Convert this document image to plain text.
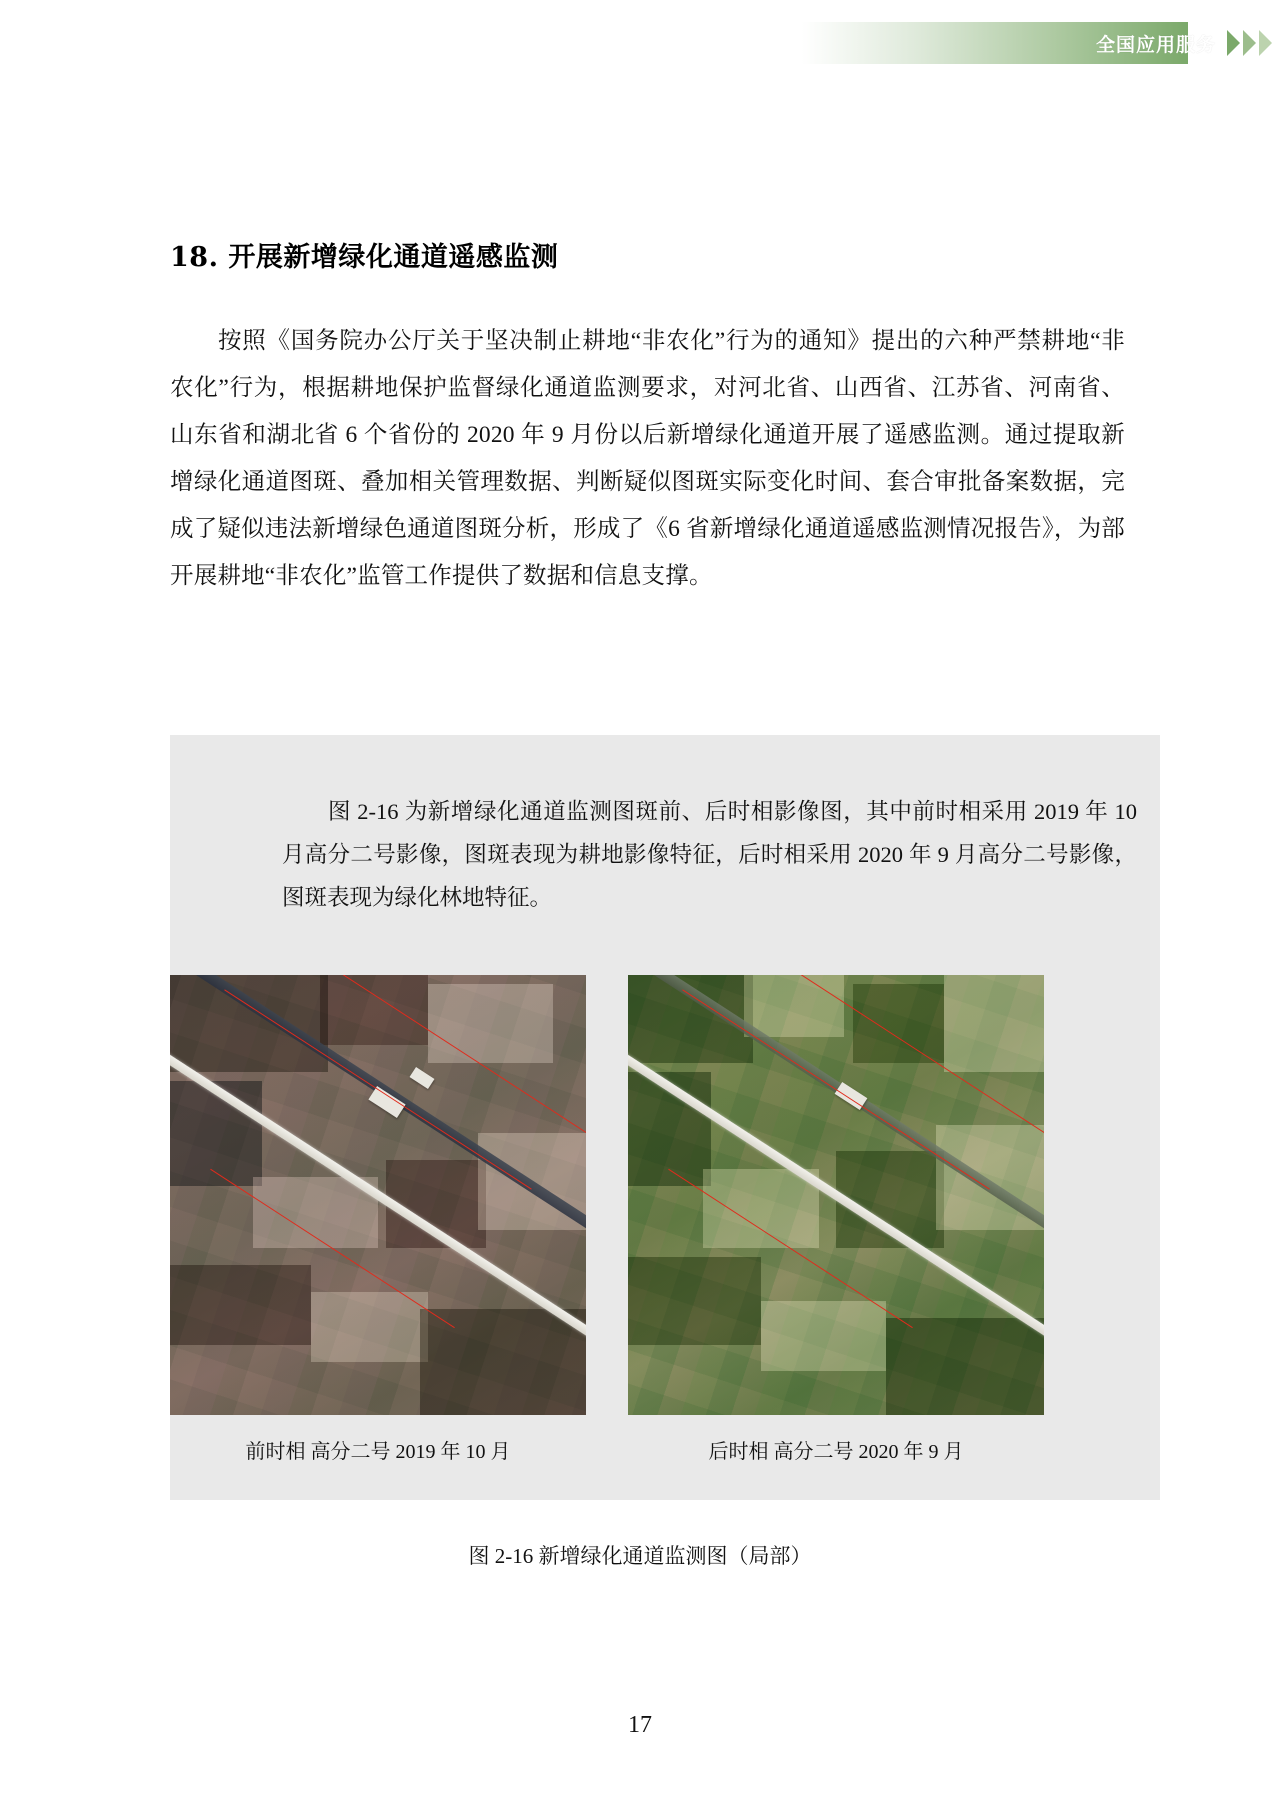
全国应用服务
18. 开展新增绿化通道遥感监测
按照《国务院办公厅关于坚决制止耕地“非农化”行为的通知》提出的六种严禁耕地“非农化”行为，根据耕地保护监督绿化通道监测要求，对河北省、山西省、江苏省、河南省、山东省和湖北省 6 个省份的 2020 年 9 月份以后新增绿化通道开展了遥感监测。通过提取新增绿化通道图斑、叠加相关管理数据、判断疑似图斑实际变化时间、套合审批备案数据，完成了疑似违法新增绿色通道图斑分析，形成了《6 省新增绿化通道遥感监测情况报告》，为部开展耕地“非农化”监管工作提供了数据和信息支撑。
图 2-16 为新增绿化通道监测图斑前、后时相影像图，其中前时相采用 2019 年 10 月高分二号影像，图斑表现为耕地影像特征，后时相采用 2020 年 9 月高分二号影像，图斑表现为绿化林地特征。
前时相 高分二号 2019 年 10 月	后时相 高分二号 2020 年 9 月
图 2-16 新增绿化通道监测图（局部）
17
